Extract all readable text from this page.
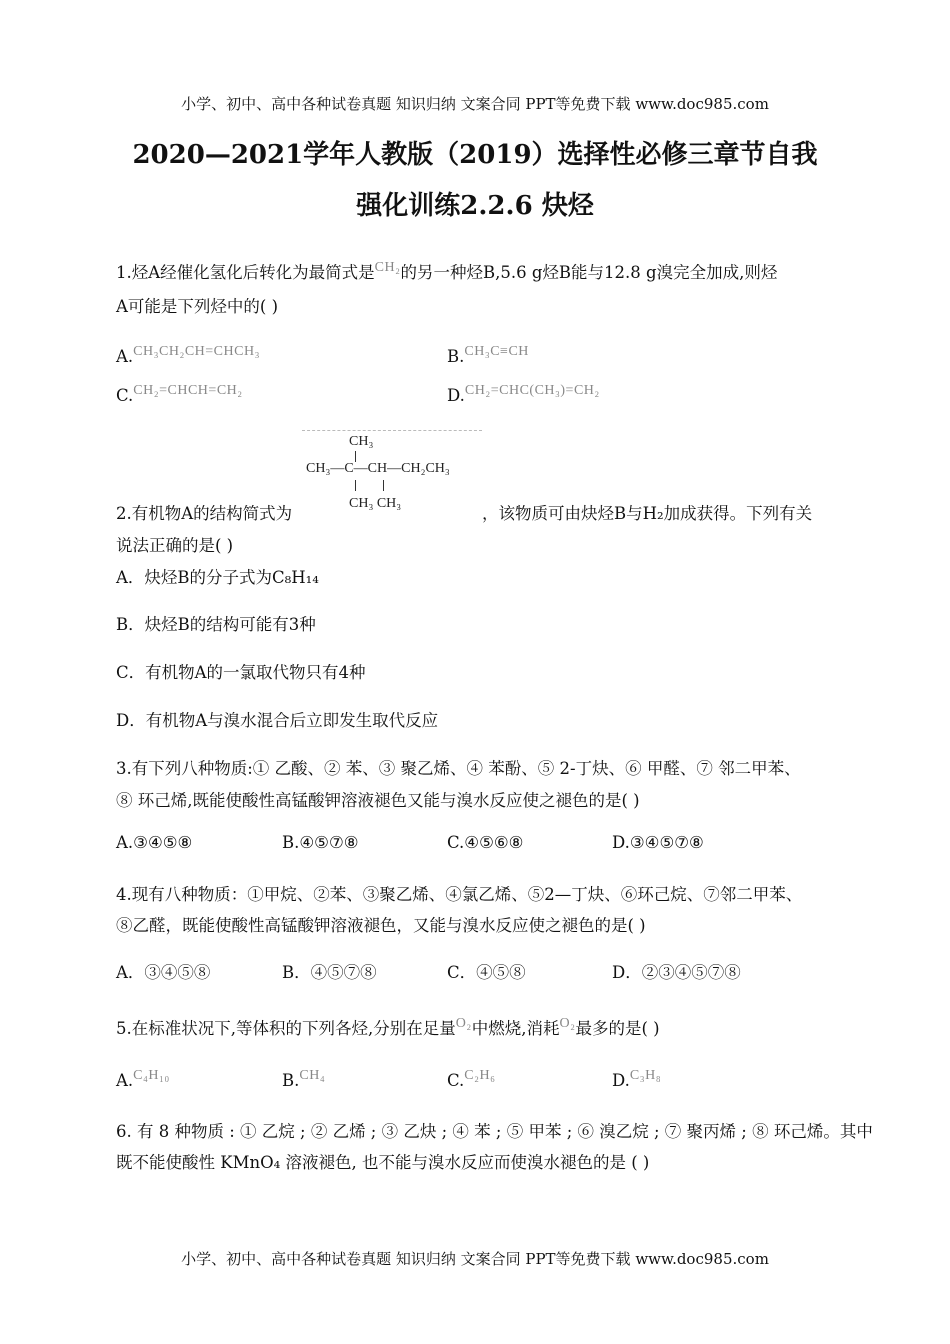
小学、初中、高中各种试卷真题 知识归纳 文案合同 PPT等免费下载 www.doc985.com
2020—2021学年人教版（2019）选择性必修三章节自我
强化训练2.2.6 炔烃
1.烃A经催化氢化后转化为最简式是$^{CH_2}$的另一种烃B,5.6 g烃B能与12.8 g溴完全加成,则烃
A可能是下列烃中的( )
A.$^{CH_3CH_2CH=CHCH_3}$	B.$^{CH_3C\equiv CH}$
C.$^{CH_2=CHCH=CH_2}$	D.$^{CH_2=CHC(CH_3)=CH_2}$
CH₃
CH₃—C—CH—CH₂CH₃
CH₃ CH₃
2.有机物A的结构简式为	，该物质可由炔烃B与H₂加成获得。下列有关
说法正确的是( )
A．炔烃B的分子式为C₈H₁₄
B．炔烃B的结构可能有3种
C．有机物A的一氯取代物只有4种
D．有机物A与溴水混合后立即发生取代反应
3.有下列八种物质:① 乙酸、② 苯、③ 聚乙烯、④ 苯酚、⑤ 2-丁炔、⑥ 甲醛、⑦ 邻二甲苯、
⑧ 环己烯,既能使酸性高锰酸钾溶液褪色又能与溴水反应使之褪色的是( )
A.③④⑤⑧	B.④⑤⑦⑧	C.④⑤⑥⑧	D.③④⑤⑦⑧
4.现有八种物质：①甲烷、②苯、③聚乙烯、④氯乙烯、⑤2—丁炔、⑥环己烷、⑦邻二甲苯、
⑧乙醛，既能使酸性高锰酸钾溶液褪色，又能与溴水反应使之褪色的是( )
A．③④⑤⑧	B．④⑤⑦⑧	C．④⑤⑧	D．②③④⑤⑦⑧
5.在标准状况下,等体积的下列各烃,分别在足量$^{O_2}$中燃烧,消耗$^{O_2}$最多的是( )
A.$^{C_4H_{10}}$	B.$^{CH_4}$	C.$^{C_2H_6}$	D.$^{C_3H_8}$
6. 有 8 种物质 : ① 乙烷 ; ② 乙烯 ; ③ 乙炔 ; ④ 苯 ; ⑤ 甲苯 ; ⑥ 溴乙烷 ; ⑦ 聚丙烯 ; ⑧ 环己烯。其中
既不能使酸性 KMnO₄ 溶液褪色, 也不能与溴水反应而使溴水褪色的是 ( )
小学、初中、高中各种试卷真题 知识归纳 文案合同 PPT等免费下载 www.doc985.com
